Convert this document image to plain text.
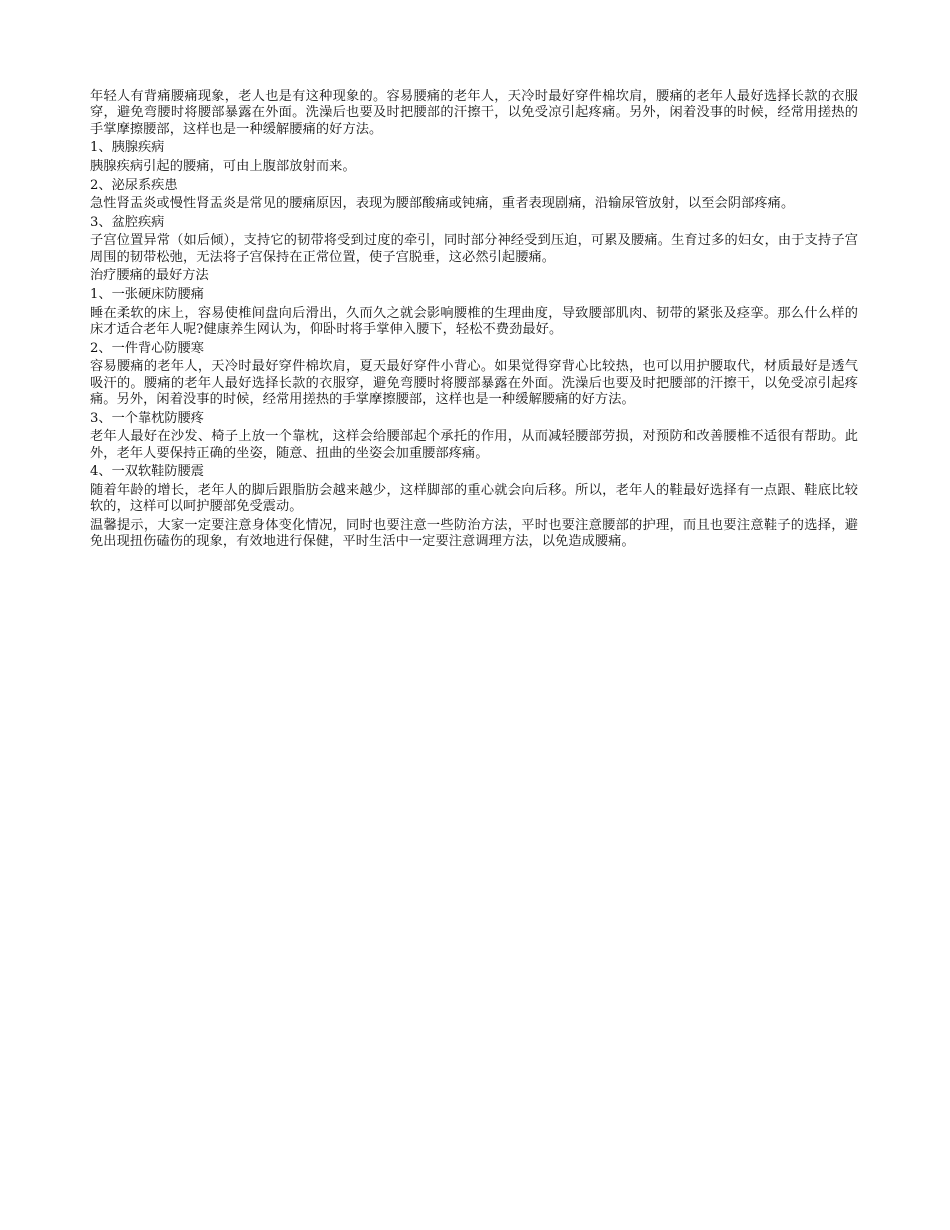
年轻人有背痛腰痛现象，老人也是有这种现象的。容易腰痛的老年人，天冷时最好穿件棉坎肩，腰痛的老年人最好选择长款的衣服穿，避免弯腰时将腰部暴露在外面。洗澡后也要及时把腰部的汗擦干，以免受凉引起疼痛。另外，闲着没事的时候，经常用搓热的手掌摩擦腰部，这样也是一种缓解腰痛的好方法。

1、胰腺疾病

胰腺疾病引起的腰痛，可由上腹部放射而来。

2、泌尿系疾患

急性肾盂炎或慢性肾盂炎是常见的腰痛原因，表现为腰部酸痛或钝痛，重者表现剧痛，沿输尿管放射，以至会阴部疼痛。

3、盆腔疾病

子宫位置异常（如后倾），支持它的韧带将受到过度的牵引，同时部分神经受到压迫，可累及腰痛。生育过多的妇女，由于支持子宫周围的韧带松弛，无法将子宫保持在正常位置，使子宫脱垂，这必然引起腰痛。

治疗腰痛的最好方法

1、一张硬床防腰痛

睡在柔软的床上，容易使椎间盘向后滑出，久而久之就会影响腰椎的生理曲度，导致腰部肌肉、韧带的紧张及痉挛。那么什么样的床才适合老年人呢?健康养生网认为，仰卧时将手掌伸入腰下，轻松不费劲最好。

2、一件背心防腰寒

容易腰痛的老年人，天冷时最好穿件棉坎肩，夏天最好穿件小背心。如果觉得穿背心比较热，也可以用护腰取代，材质最好是透气吸汗的。腰痛的老年人最好选择长款的衣服穿，避免弯腰时将腰部暴露在外面。洗澡后也要及时把腰部的汗擦干，以免受凉引起疼痛。另外，闲着没事的时候，经常用搓热的手掌摩擦腰部，这样也是一种缓解腰痛的好方法。

3、一个靠枕防腰疼

老年人最好在沙发、椅子上放一个靠枕，这样会给腰部起个承托的作用，从而减轻腰部劳损，对预防和改善腰椎不适很有帮助。此外，老年人要保持正确的坐姿，随意、扭曲的坐姿会加重腰部疼痛。

4、一双软鞋防腰震

随着年龄的增长，老年人的脚后跟脂肪会越来越少，这样脚部的重心就会向后移。所以，老年人的鞋最好选择有一点跟、鞋底比较软的，这样可以呵护腰部免受震动。

温馨提示，大家一定要注意身体变化情况，同时也要注意一些防治方法，平时也要注意腰部的护理，而且也要注意鞋子的选择，避免出现扭伤磕伤的现象，有效地进行保健，平时生活中一定要注意调理方法，以免造成腰痛。
